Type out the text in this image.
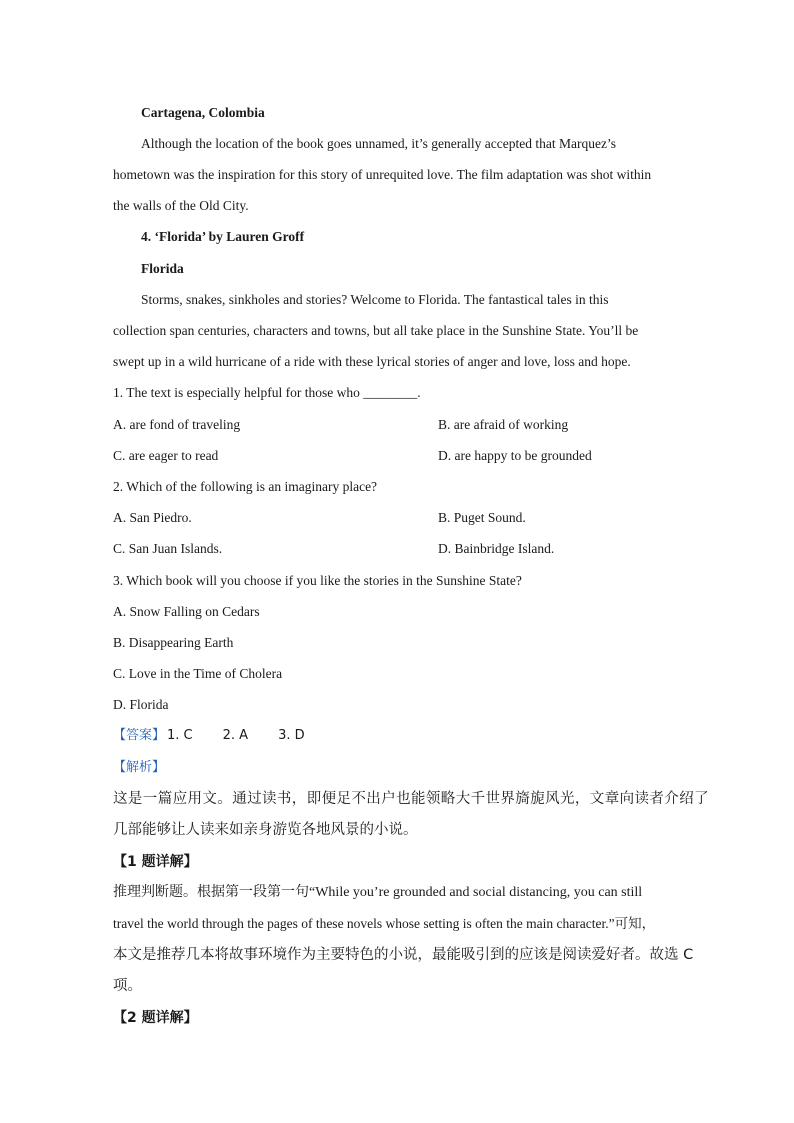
Cartagena, Colombia
Although the location of the book goes unnamed, it’s generally accepted that Marquez’s
hometown was the inspiration for this story of unrequited love. The film adaptation was shot within
the walls of the Old City.
4. ‘Florida’ by Lauren Groff
Florida
Storms, snakes, sinkholes and stories? Welcome to Florida. The fantastical tales in this
collection span centuries, characters and towns, but all take place in the Sunshine State. You’ll be
swept up in a wild hurricane of a ride with these lyrical stories of anger and love, loss and hope.
1. The text is especially helpful for those who ________.
A. are fond of traveling	B. are afraid of working
C. are eager to read	D. are happy to be grounded
2. Which of the following is an imaginary place?
A. San Piedro.	B. Puget Sound.
C. San Juan Islands.	D. Bainbridge Island.
3. Which book will you choose if you like the stories in the Sunshine State?
A. Snow Falling on Cedars
B. Disappearing Earth
C. Love in the Time of Cholera
D. Florida
【答案】 1. C 2. A 3. D
【解析】
这是一篇应用文。通过读书，即便足不出户也能领略大千世界旖旎风光，文章向读者介绍了
几部能够让人读来如亲身游览各地风景的小说。
【1 题详解】
推理判断题。根据第一段第一句“While you’re grounded and social distancing, you can still
travel the world through the pages of these novels whose setting is often the main character.”可知，
本文是推荐几本将故事环境作为主要特色的小说，最能吸引到的应该是阅读爱好者。故选 C
项。
【2 题详解】
